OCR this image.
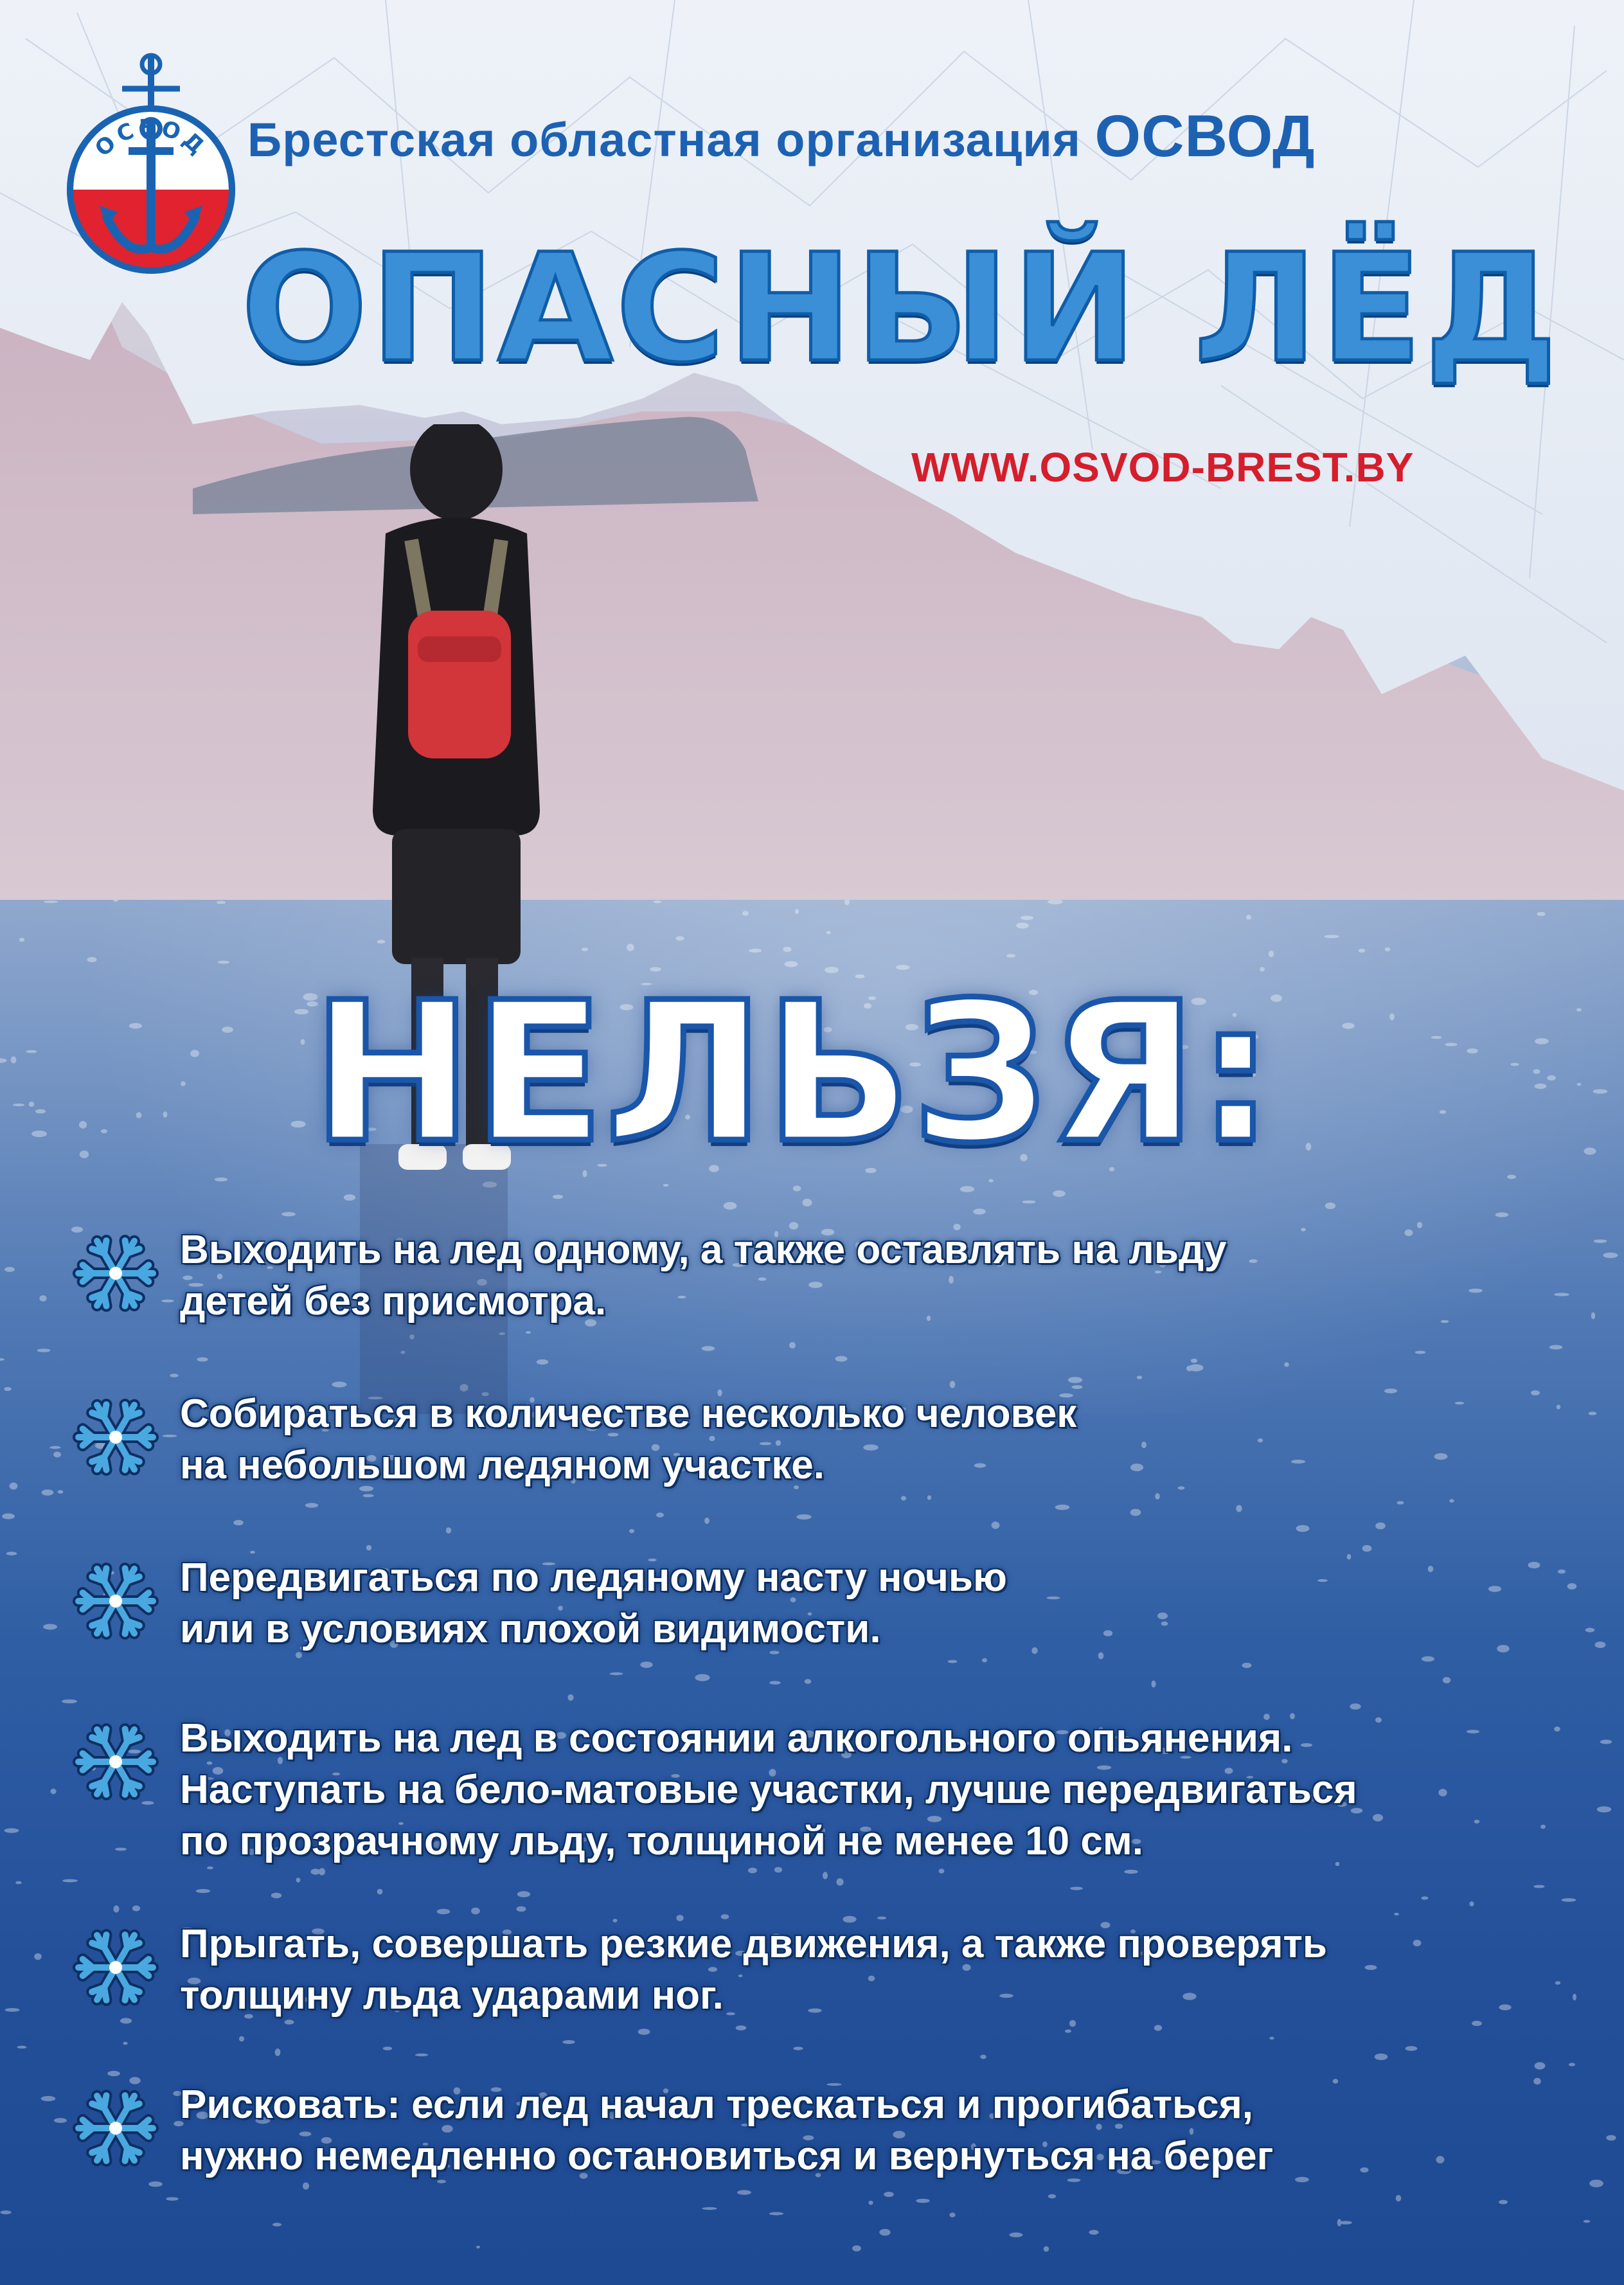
ОСВОД Брестская областная организация ОСВОД
ОПАСНЫЙ ЛЁД
WWW.OSVOD-BREST.BY
НЕЛЬЗЯ:
Выходить на лед одному, а также оставлять на льду
детей без присмотра.
Собираться в количестве несколько человек
на небольшом ледяном участке.
Передвигаться по ледяному насту ночью
или в условиях плохой видимости.
Выходить на лед в состоянии алкогольного опьянения.
Наступать на бело-матовые участки, лучше передвигаться
по прозрачному льду, толщиной не менее 10 см.
Прыгать, совершать резкие движения, а также проверять
толщину льда ударами ног.
Рисковать: если лед начал трескаться и прогибаться,
нужно немедленно остановиться и вернуться на берег
